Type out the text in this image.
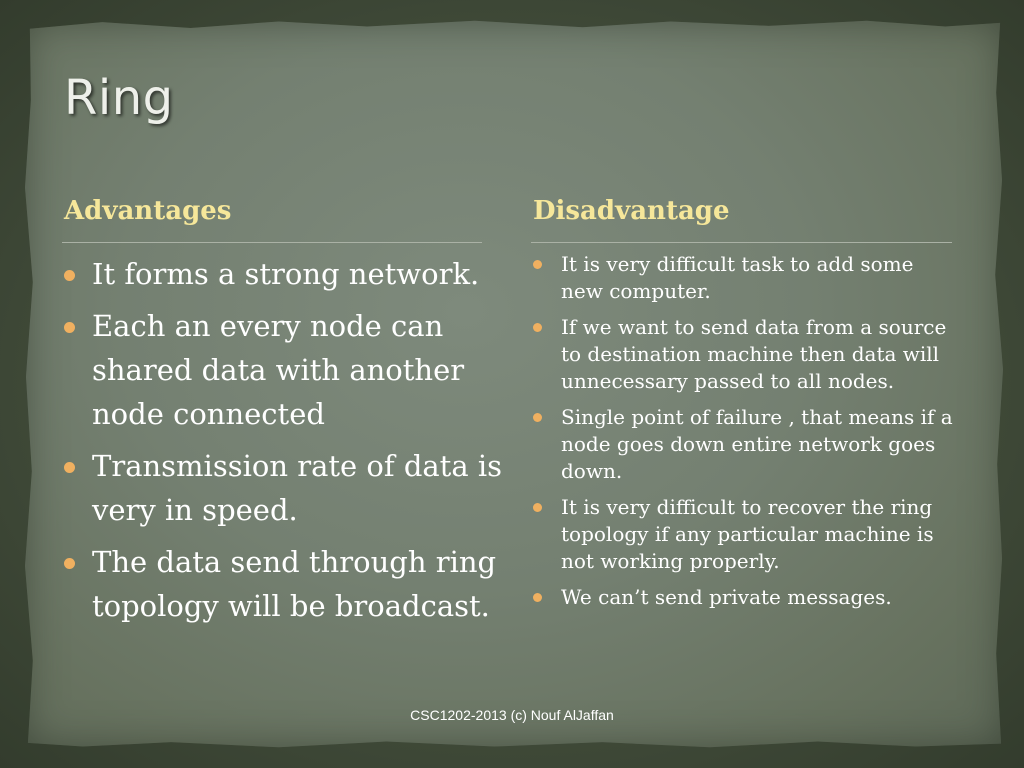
Ring
Advantages	Disadvantage
It forms a strong network.
Each an every node can shared data with another node connected
Transmission rate of data is very in speed.
The data send through ring topology will be broadcast.
It is very difficult task to add some new computer.
If we want to send data from a source to destination machine then data will unnecessary passed to all nodes.
Single point of failure , that means if a node goes down entire network goes down.
It is very difficult to recover the ring topology if any particular machine is not working properly.
We can’t send private messages.
CSC1202-2013 (c) Nouf AlJaffan
